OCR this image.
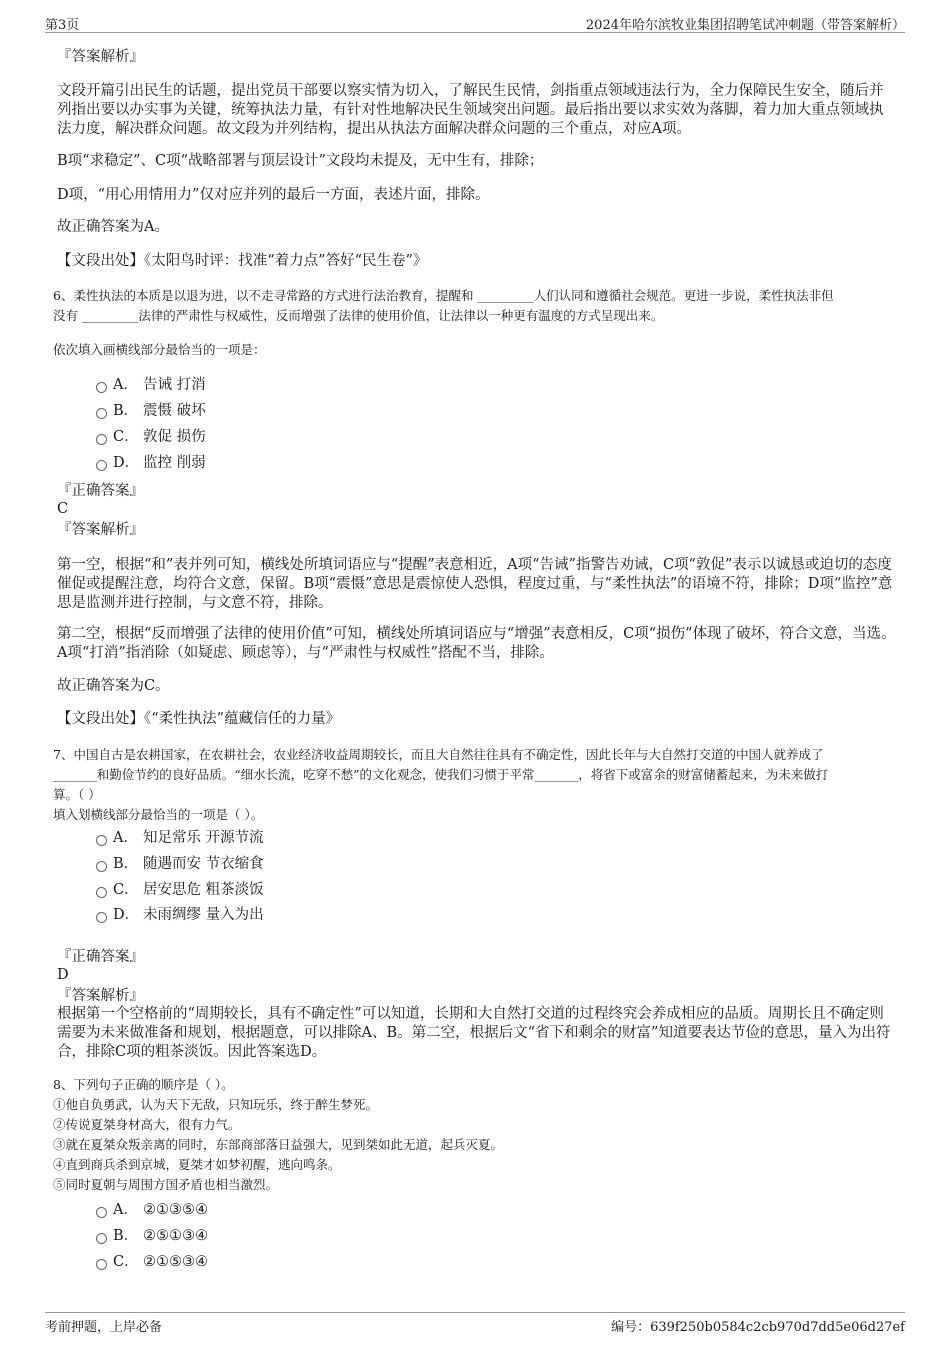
第3页	2024年哈尔滨牧业集团招聘笔试冲刺题（带答案解析）
『答案解析』

文段开篇引出民生的话题，提出党员干部要以察实情为切入，了解民生民情，剑指重点领域违法行为，全力保障民生安全，随后并列指出要以办实事为关键，统筹执法力量，有针对性地解决民生领域突出问题。最后指出要以求实效为落脚，着力加大重点领域执法力度，解决群众问题。故文段为并列结构，提出从执法方面解决群众问题的三个重点，对应A项。

B项“求稳定”、C项“战略部署与顶层设计”文段均未提及，无中生有，排除；

D项，“用心用情用力”仅对应并列的最后一方面，表述片面，排除。

故正确答案为A。

【文段出处】《太阳鸟时评：找准“着力点”答好“民生卷”》

6、柔性执法的本质是以退为进，以不走寻常路的方式进行法治教育，提醒和 _________人们认同和遵循社会规范。更进一步说，柔性执法非但
没有 _________法律的严肃性与权威性，反而增强了法律的使用价值，让法律以一种更有温度的方式呈现出来。
依次填入画横线部分最恰当的一项是：
A． 告诫 打消
B． 震慑 破坏
C． 敦促 损伤
D． 监控 削弱
『正确答案』
C
『答案解析』

第一空，根据“和”表并列可知，横线处所填词语应与“提醒”表意相近，A项“告诫”指警告劝诫，C项“敦促”表示以诚恳或迫切的态度催促或提醒注意，均符合文意，保留。B项“震慑”意思是震惊使人恐惧，程度过重，与“柔性执法”的语境不符，排除；D项“监控”意思是监测并进行控制，与文意不符，排除。

第二空，根据“反而增强了法律的使用价值”可知，横线处所填词语应与“增强”表意相反，C项“损伤”体现了破坏，符合文意，当选。A项“打消”指消除（如疑虑、顾虑等），与“严肃性与权威性”搭配不当，排除。

故正确答案为C。

【文段出处】《“柔性执法”蕴藏信任的力量》

7、中国自古是农耕国家，在农耕社会，农业经济收益周期较长，而且大自然往往具有不确定性，因此长年与大自然打交道的中国人就养成了
_______和勤俭节约的良好品质。“细水长流，吃穿不愁”的文化观念，使我们习惯于平常_______，将省下或富余的财富储蓄起来，为未来做打
算。（ ）
填入划横线部分最恰当的一项是（ ）。
A． 知足常乐 开源节流
B． 随遇而安 节衣缩食
C． 居安思危 粗茶淡饭
D． 未雨绸缪 量入为出
『正确答案』
D
『答案解析』

根据第一个空格前的“周期较长，具有不确定性”可以知道，长期和大自然打交道的过程终究会养成相应的品质。周期长且不确定则需要为未来做准备和规划，根据题意，可以排除A、B。第二空，根据后文“省下和剩余的财富”知道要表达节俭的意思，量入为出符合，排除C项的粗茶淡饭。因此答案选D。

8、下列句子正确的顺序是（ ）。
①他自负勇武，认为天下无敌，只知玩乐，终于醉生梦死。
②传说夏桀身材高大，很有力气。
③就在夏桀众叛亲离的同时，东部商部落日益强大，见到桀如此无道，起兵灭夏。
④直到商兵杀到京城，夏桀才如梦初醒，逃向鸣条。
⑤同时夏朝与周围方国矛盾也相当激烈。
A． ②①③⑤④
B． ②⑤①③④
C． ②①⑤③④
考前押题，上岸必备	编号：639f250b0584c2cb970d7dd5e06d27ef
